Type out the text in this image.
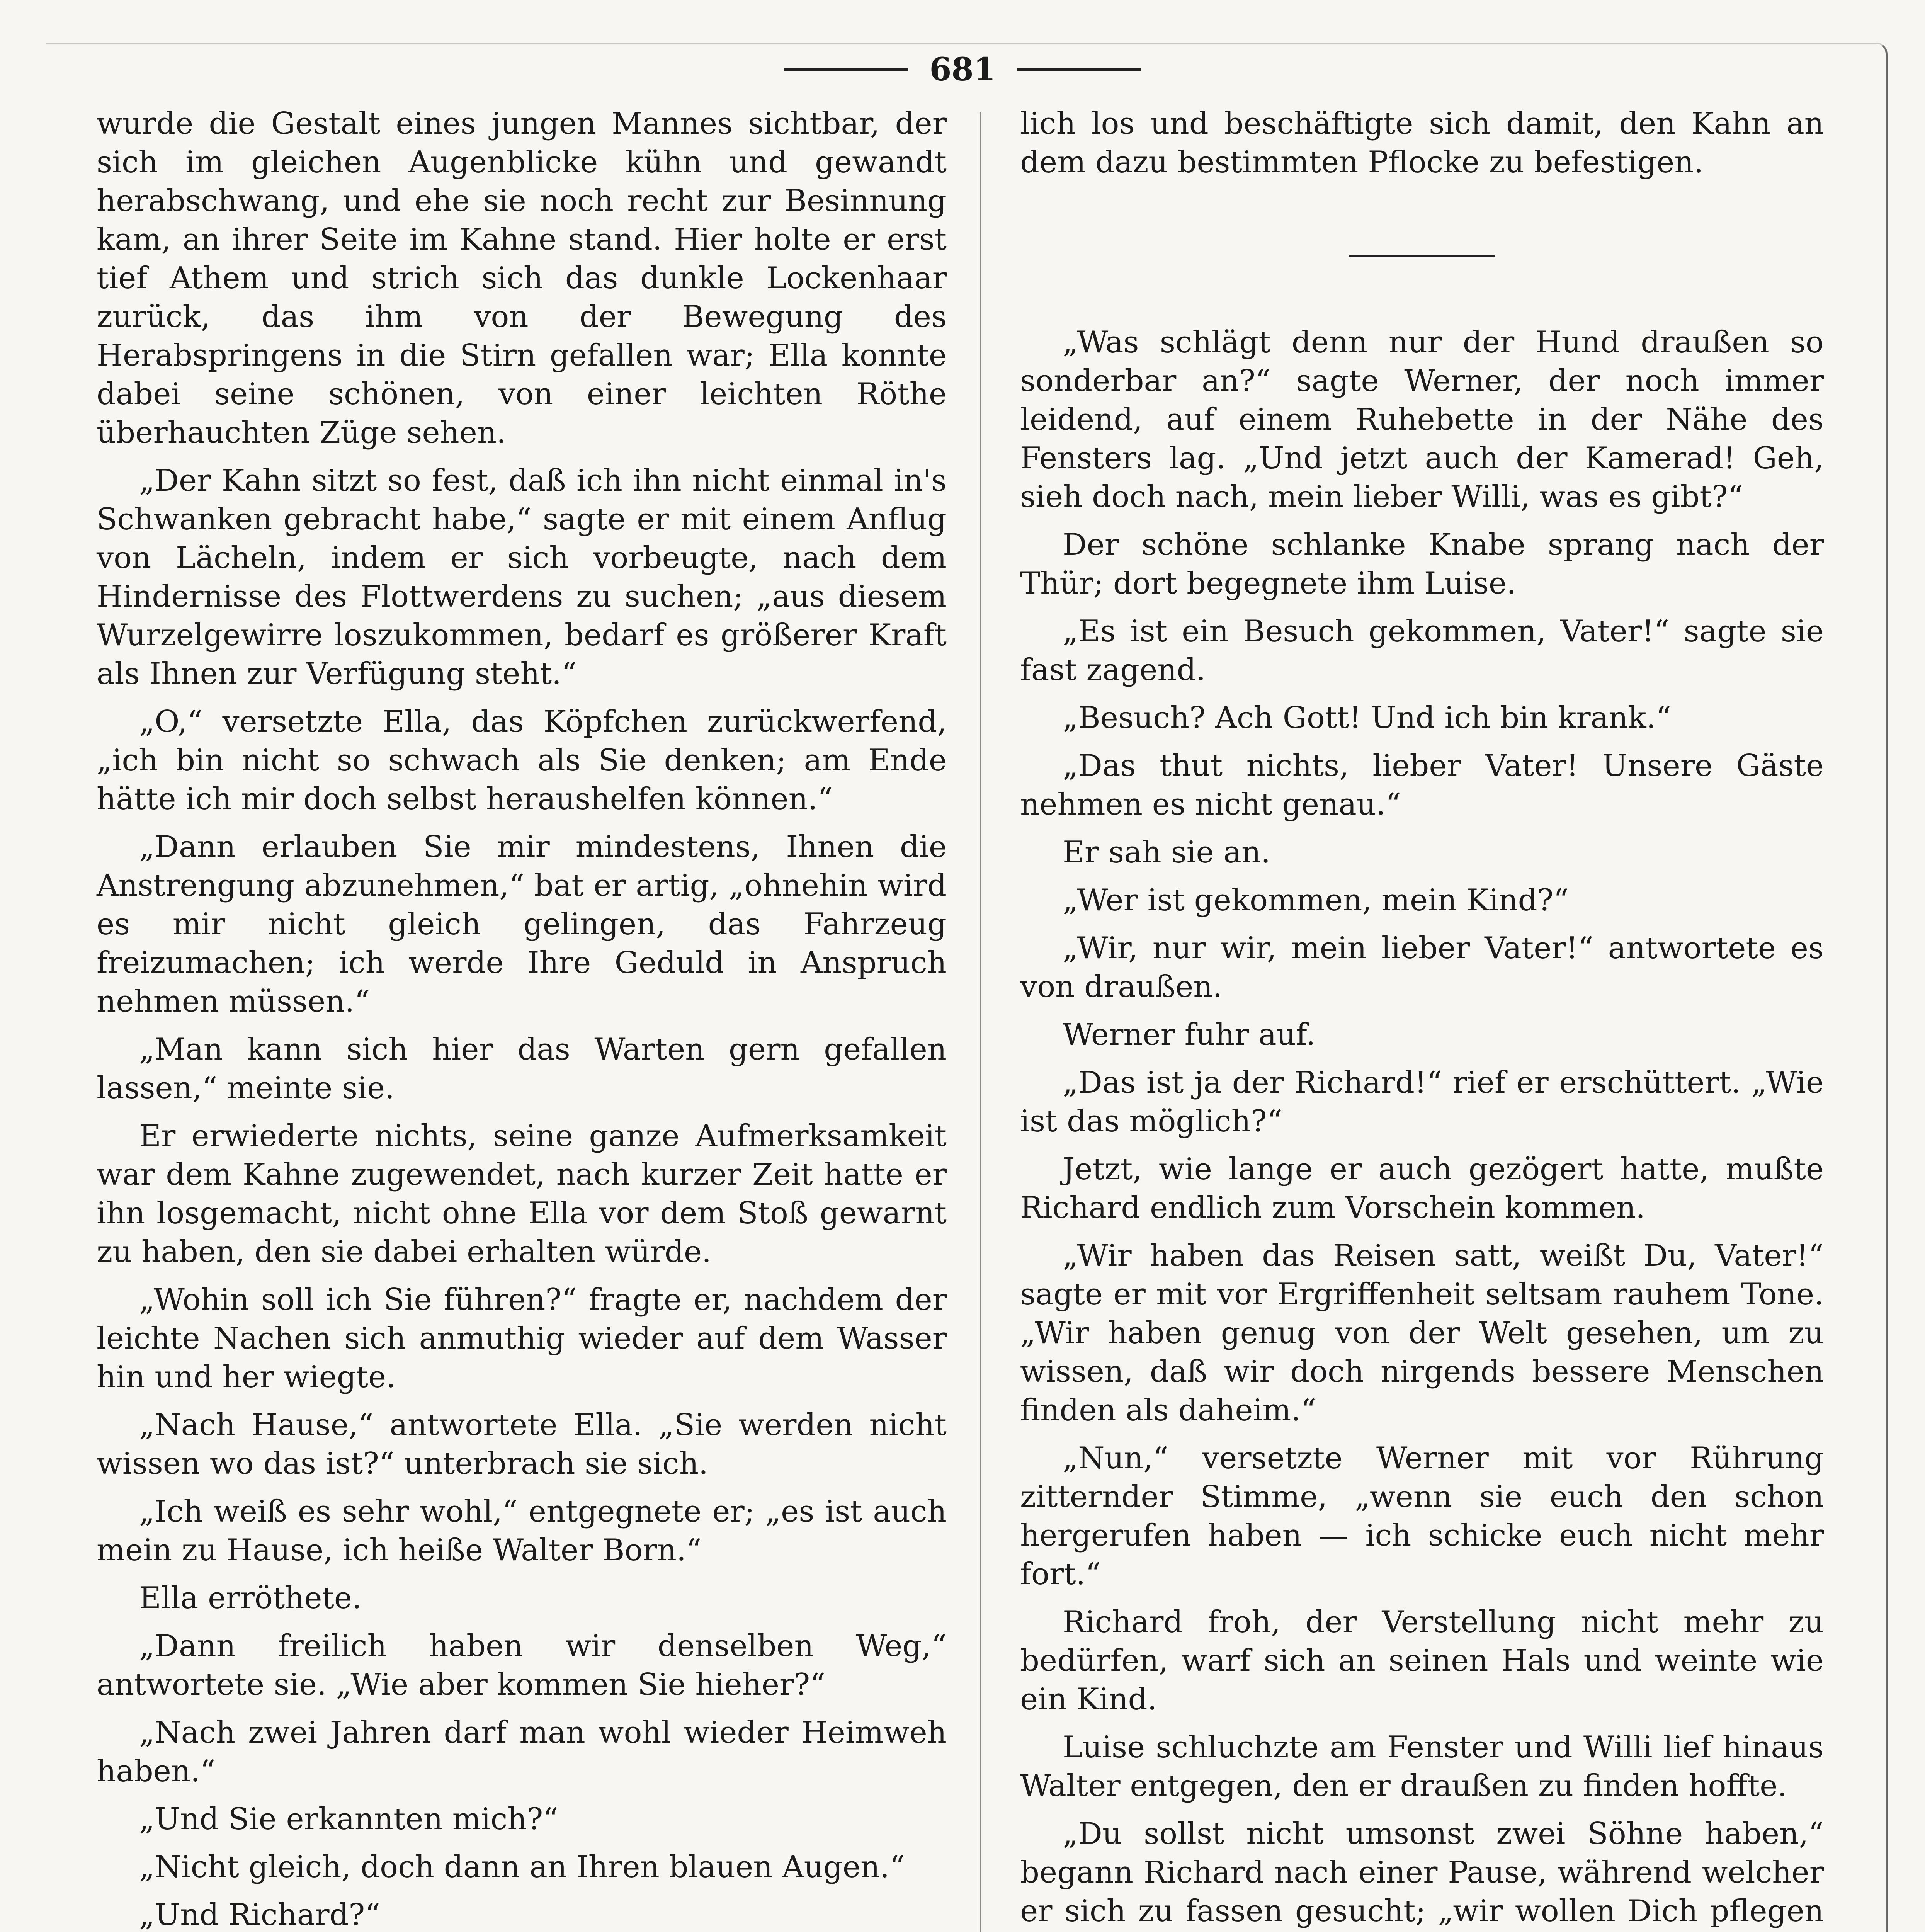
681

wurde die Gestalt eines jungen Mannes sichtbar, der sich im gleichen Augenblicke kühn und gewandt herabschwang, und ehe sie noch recht zur Besinnung kam, an ihrer Seite im Kahne stand. Hier holte er erst tief Athem und strich sich das dunkle Lockenhaar zurück, das ihm von der Bewegung des Herabspringens in die Stirn gefallen war; Ella konnte dabei seine schönen, von einer leichten Röthe überhauchten Züge sehen.

„Der Kahn sitzt so fest, daß ich ihn nicht einmal in's Schwanken gebracht habe,“ sagte er mit einem Anflug von Lächeln, indem er sich vorbeugte, nach dem Hindernisse des Flottwerdens zu suchen; „aus diesem Wurzelgewirre loszukommen, bedarf es größerer Kraft als Ihnen zur Verfügung steht.“

„O,“ versetzte Ella, das Köpfchen zurückwerfend, „ich bin nicht so schwach als Sie denken; am Ende hätte ich mir doch selbst heraushelfen können.“

„Dann erlauben Sie mir mindestens, Ihnen die Anstrengung abzunehmen,“ bat er artig, „ohnehin wird es mir nicht gleich gelingen, das Fahrzeug freizumachen; ich werde Ihre Geduld in Anspruch nehmen müssen.“

„Man kann sich hier das Warten gern gefallen lassen,“ meinte sie.

Er erwiederte nichts, seine ganze Aufmerksamkeit war dem Kahne zugewendet, nach kurzer Zeit hatte er ihn losgemacht, nicht ohne Ella vor dem Stoß gewarnt zu haben, den sie dabei erhalten würde.

„Wohin soll ich Sie führen?“ fragte er, nachdem der leichte Nachen sich anmuthig wieder auf dem Wasser hin und her wiegte.

„Nach Hause,“ antwortete Ella. „Sie werden nicht wissen wo das ist?“ unterbrach sie sich.

„Ich weiß es sehr wohl,“ entgegnete er; „es ist auch mein zu Hause, ich heiße Walter Born.“

Ella erröthete.

„Dann freilich haben wir denselben Weg,“ antwortete sie. „Wie aber kommen Sie hieher?“

„Nach zwei Jahren darf man wohl wieder Heimweh haben.“

„Und Sie erkannten mich?“

„Nicht gleich, doch dann an Ihren blauen Augen.“

„Und Richard?“

lich los und beschäftigte sich damit, den Kahn an dem dazu bestimmten Pflocke zu befestigen.

„Was schlägt denn nur der Hund draußen so sonderbar an?“ sagte Werner, der noch immer leidend, auf einem Ruhebette in der Nähe des Fensters lag. „Und jetzt auch der Kamerad! Geh, sieh doch nach, mein lieber Willi, was es gibt?“

Der schöne schlanke Knabe sprang nach der Thür; dort begegnete ihm Luise.

„Es ist ein Besuch gekommen, Vater!“ sagte sie fast zagend.

„Besuch? Ach Gott! Und ich bin krank.“

„Das thut nichts, lieber Vater! Unsere Gäste nehmen es nicht genau.“

Er sah sie an.

„Wer ist gekommen, mein Kind?“

„Wir, nur wir, mein lieber Vater!“ antwortete es von draußen.

Werner fuhr auf.

„Das ist ja der Richard!“ rief er erschüttert. „Wie ist das möglich?“

Jetzt, wie lange er auch gezögert hatte, mußte Richard endlich zum Vorschein kommen.

„Wir haben das Reisen satt, weißt Du, Vater!“ sagte er mit vor Ergriffenheit seltsam rauhem Tone. „Wir haben genug von der Welt gesehen, um zu wissen, daß wir doch nirgends bessere Menschen finden als daheim.“

„Nun,“ versetzte Werner mit vor Rührung zitternder Stimme, „wenn sie euch den schon hergerufen haben — ich schicke euch nicht mehr fort.“

Richard froh, der Verstellung nicht mehr zu bedürfen, warf sich an seinen Hals und weinte wie ein Kind.

Luise schluchzte am Fenster und Willi lief hinaus Walter entgegen, den er draußen zu finden hoffte.

„Du sollst nicht umsonst zwei Söhne haben,“ begann Richard nach einer Pause, während welcher er sich zu fassen gesucht; „wir wollen Dich pflegen
